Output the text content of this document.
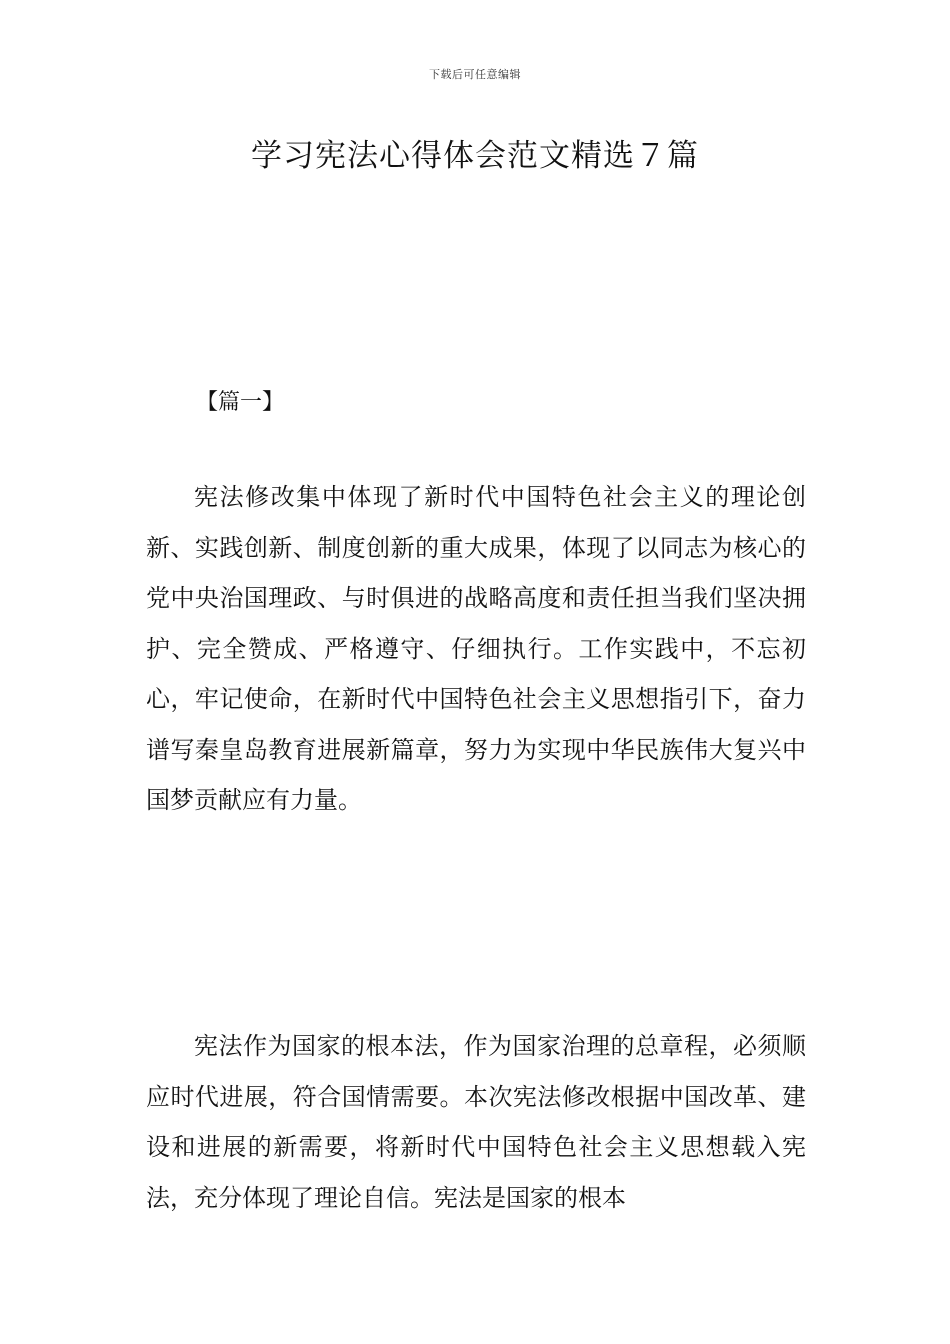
下载后可任意编辑
学习宪法心得体会范文精选７篇
【篇一】

宪法修改集中体现了新时代中国特色社会主义的理论创新、实践创新、制度创新的重大成果，体现了以同志为核心的党中央治国理政、与时俱进的战略高度和责任担当我们坚决拥护、完全赞成、严格遵守、仔细执行。工作实践中，不忘初心，牢记使命，在新时代中国特色社会主义思想指引下，奋力谱写秦皇岛教育进展新篇章，努力为实现中华民族伟大复兴中国梦贡献应有力量。

宪法作为国家的根本法，作为国家治理的总章程，必须顺应时代进展，符合国情需要。本次宪法修改根据中国改革、建设和进展的新需要，将新时代中国特色社会主义思想载入宪法，充分体现了理论自信。宪法是国家的根本
